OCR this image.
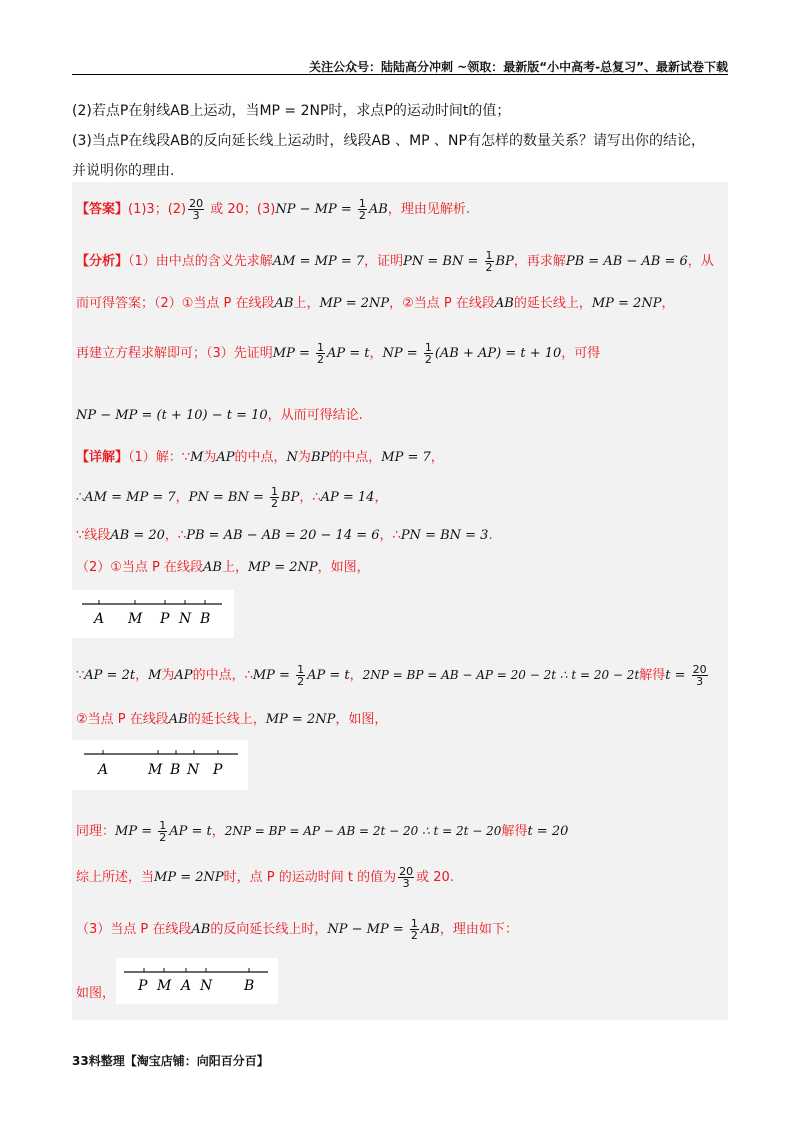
关注公众号：陆陆高分冲刺 ~领取：最新版“小中高考-总复习”、最新试卷下载
(2)若点P在射线AB上运动，当MP = 2NP时，求点P的运动时间t的值；
(3)当点P在线段AB的反向延长线上运动时，线段AB 、MP 、NP有怎样的数量关系？请写出你的结论，
并说明你的理由.
【答案】(1)3；$(2) \frac{20}{3}$ 或 20；(3)NP − MP = $\frac{1}{2}$ AB，理由见解析.
【分析】（1）由中点的含义先求解AM = MP = 7，证明PN = BN = $\frac{1}{2}$ BP，再求解PB = AB − AB = 6，从
而可得答案；（2）①当点 P 在线段AB上，MP = 2NP，②当点 P 在线段AB的延长线上，MP = 2NP，
再建立方程求解即可；（3）先证明MP = $\frac{1}{2}$ AP = t，NP = $\frac{1}{2} (AB + AP) = t + 10$，可得
NP − MP = (t + 10) − t = 10，从而可得结论.
【详解】（1）解：∵M为AP的中点，N为BP的中点，MP = 7，
∴AM = MP = 7，PN = BN = $\frac{1}{2}$ BP，∴AP = 14，
∵线段AB = 20，∴PB = AB − AB = 20 − 14 = 6，∴PN = BN = 3.
（2）①当点 P 在线段AB上，MP = 2NP，如图，
A M P N B
∵AP = 2t，M为AP的中点，∴MP = $\frac{1}{2}$ AP = t，2NP = BP = AB − AP = 20 − 2t ∴ t = 20 − 2t解得$t = \frac{20}{3}$
②当点 P 在线段AB的延长线上，MP = 2NP，如图，
A	M B N P
同理：MP = $\frac{1}{2}$ AP = t，2NP = BP = AP − AB = 2t − 20 ∴ t = 2t − 20解得t = 20
综上所述，当MP = 2NP时，点 P 的运动时间 t 的值为 $\frac{20}{3}$ 或 20.
（3）当点 P 在线段AB的反向延长线上时，NP − MP = $\frac{1}{2}$ AB，理由如下：
如图， P M A N B
33料整理【淘宝店铺：向阳百分百】
